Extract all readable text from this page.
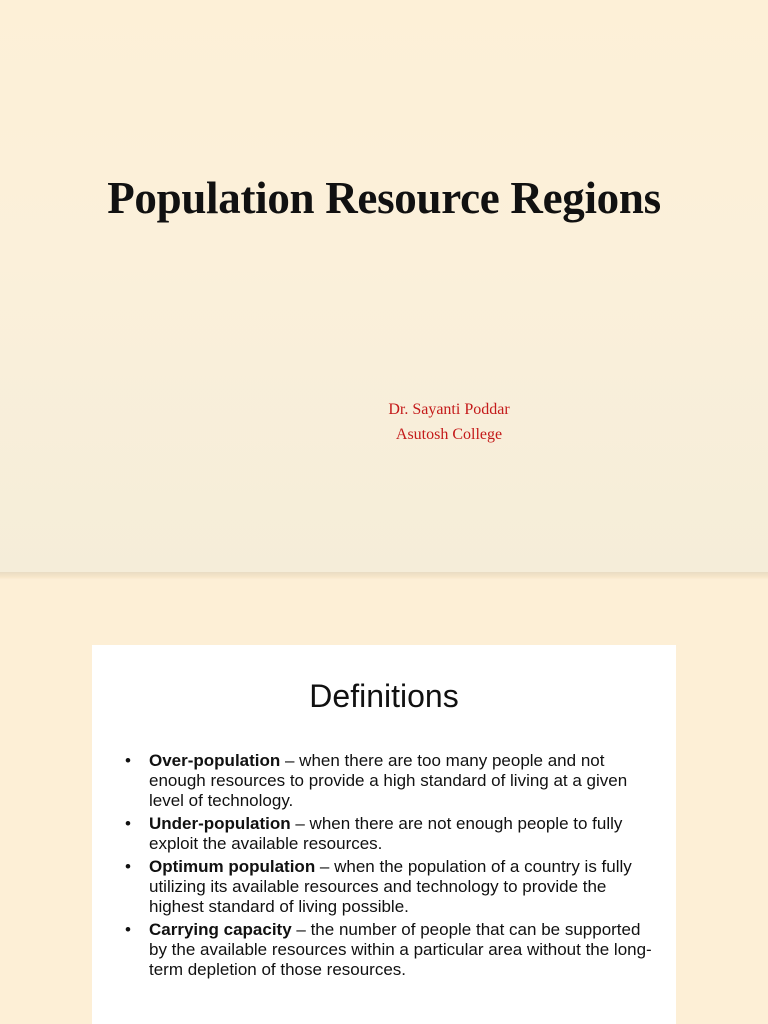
Population Resource Regions
Dr. Sayanti Poddar
Asutosh College
Definitions
• Over-population – when there are too many people and not enough resources to provide a high standard of living at a given level of technology.
• Under-population – when there are not enough people to fully exploit the available resources.
• Optimum population – when the population of a country is fully utilizing its available resources and technology to provide the highest standard of living possible.
• Carrying capacity – the number of people that can be supported by the available resources within a particular area without the long-term depletion of those resources.
